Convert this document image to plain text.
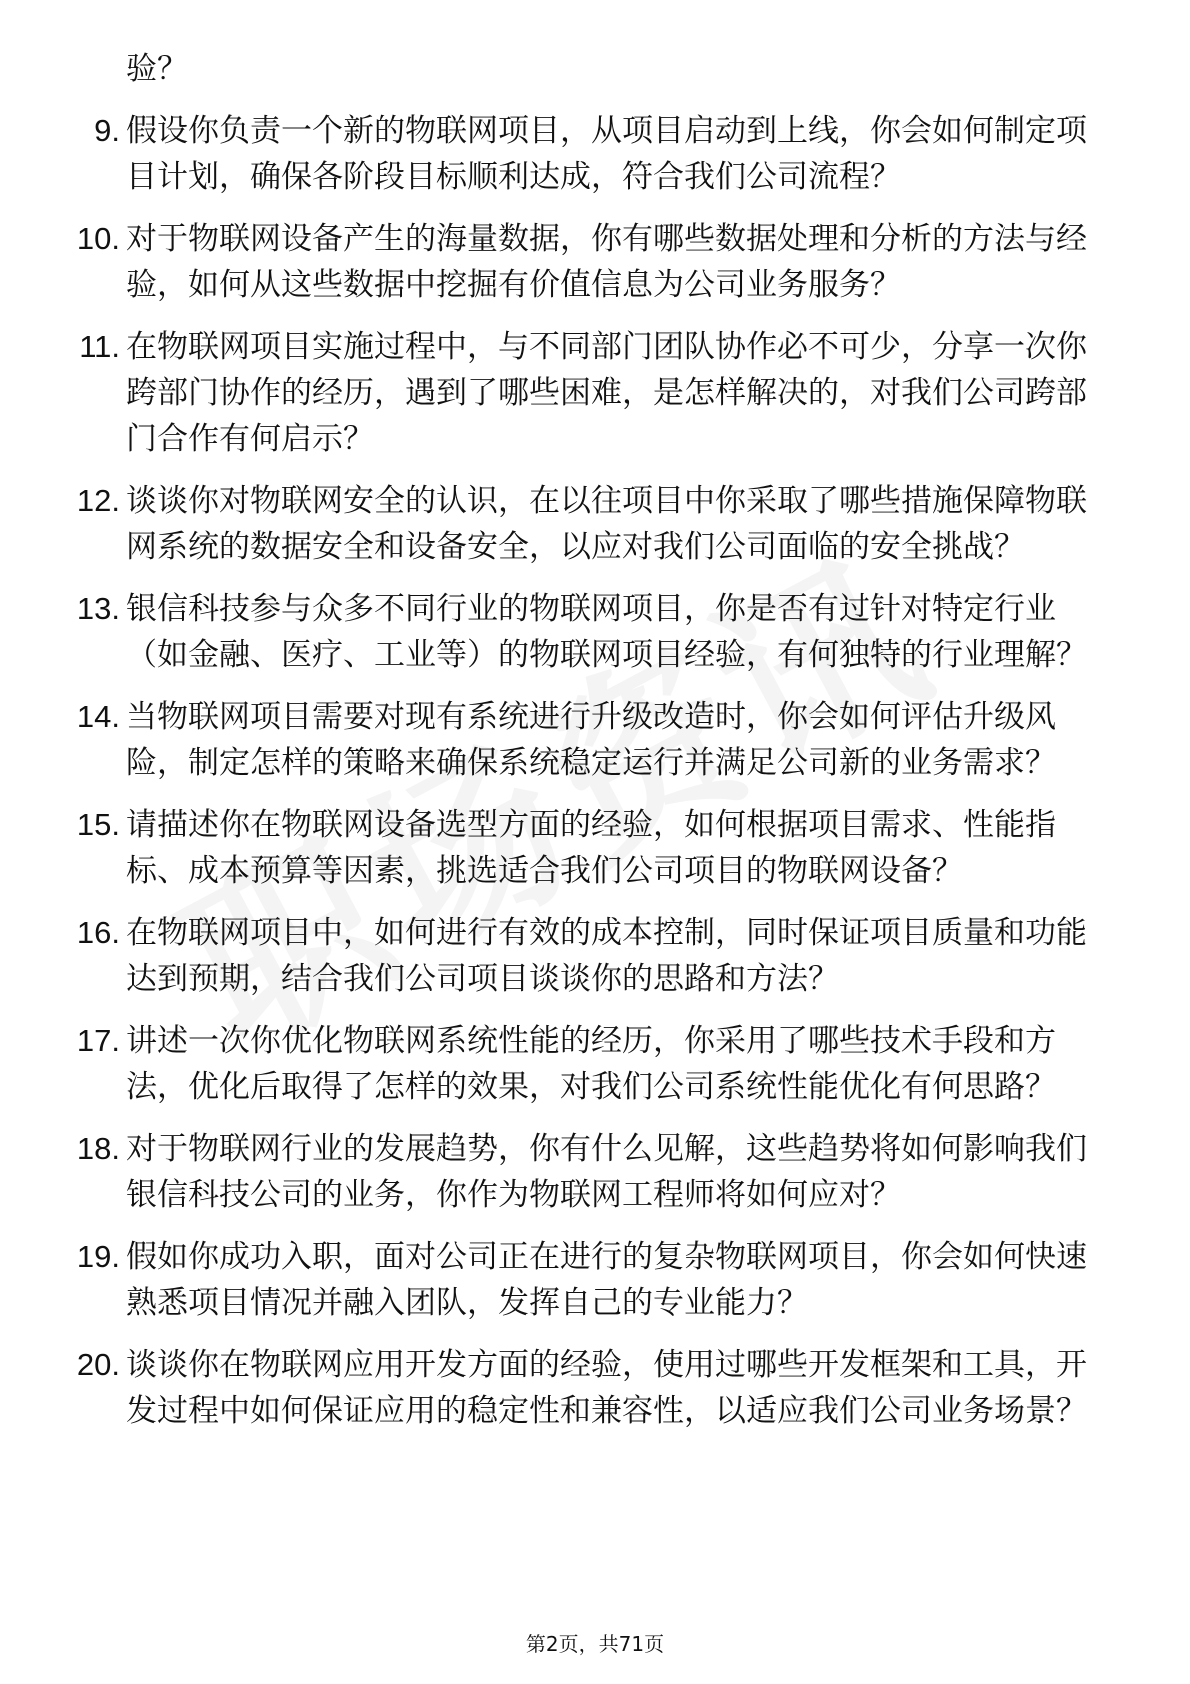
验？

9. 假设你负责一个新的物联网项目，从项目启动到上线，你会如何制定项目计划，确保各阶段目标顺利达成，符合我们公司流程？
10. 对于物联网设备产生的海量数据，你有哪些数据处理和分析的方法与经验，如何从这些数据中挖掘有价值信息为公司业务服务？
11. 在物联网项目实施过程中，与不同部门团队协作必不可少，分享一次你跨部门协作的经历，遇到了哪些困难，是怎样解决的，对我们公司跨部门合作有何启示？
12. 谈谈你对物联网安全的认识，在以往项目中你采取了哪些措施保障物联网系统的数据安全和设备安全，以应对我们公司面临的安全挑战？
13. 银信科技参与众多不同行业的物联网项目，你是否有过针对特定行业（如金融、医疗、工业等）的物联网项目经验，有何独特的行业理解？
14. 当物联网项目需要对现有系统进行升级改造时，你会如何评估升级风险，制定怎样的策略来确保系统稳定运行并满足公司新的业务需求？
15. 请描述你在物联网设备选型方面的经验，如何根据项目需求、性能指标、成本预算等因素，挑选适合我们公司项目的物联网设备？
16. 在物联网项目中，如何进行有效的成本控制，同时保证项目质量和功能达到预期，结合我们公司项目谈谈你的思路和方法？
17. 讲述一次你优化物联网系统性能的经历，你采用了哪些技术手段和方法，优化后取得了怎样的效果，对我们公司系统性能优化有何思路？
18. 对于物联网行业的发展趋势，你有什么见解，这些趋势将如何影响我们银信科技公司的业务，你作为物联网工程师将如何应对？
19. 假如你成功入职，面对公司正在进行的复杂物联网项目，你会如何快速熟悉项目情况并融入团队，发挥自己的专业能力？
20. 谈谈你在物联网应用开发方面的经验，使用过哪些开发框架和工具，开发过程中如何保证应用的稳定性和兼容性，以适应我们公司业务场景？
第2页，共71页
